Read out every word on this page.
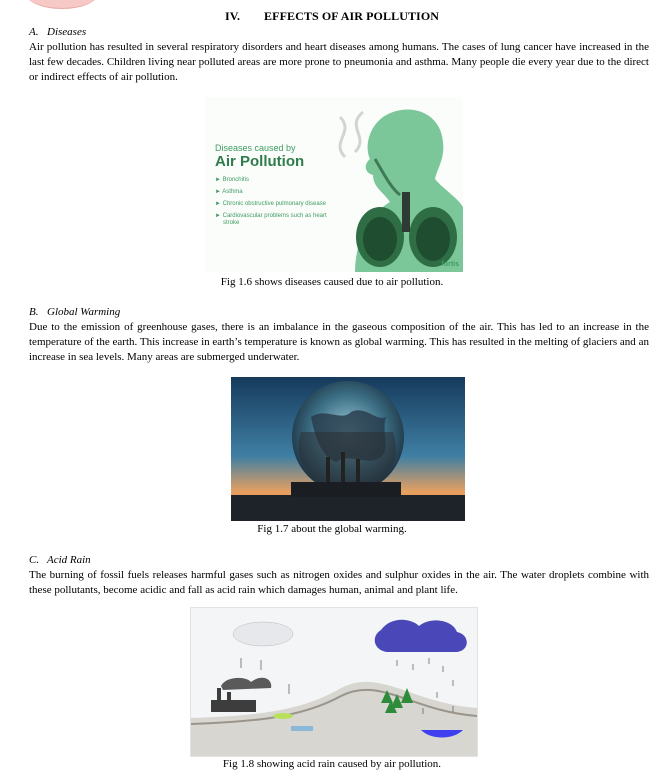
IV. EFFECTS OF AIR POLLUTION
A. Diseases
Air pollution has resulted in several respiratory disorders and heart diseases among humans. The cases of lung cancer have increased in the last few decades. Children living near polluted areas are more prone to pneumonia and asthma. Many people die every year due to the direct or indirect effects of air pollution.
Diseases caused by
Air Pollution
► Bronchitis
► Asthma
► Chronic obstructive pulmonary disease
► Cardiovascular problems such as heart stroke
fortis
Fig 1.6 shows diseases caused due to air pollution.
B. Global Warming
Due to the emission of greenhouse gases, there is an imbalance in the gaseous composition of the air. This has led to an increase in the temperature of the earth. This increase in earth’s temperature is known as global warming. This has resulted in the melting of glaciers and an increase in sea levels. Many areas are submerged underwater.
Fig 1.7 about the global warming.
C. Acid Rain
The burning of fossil fuels releases harmful gases such as nitrogen oxides and sulphur oxides in the air. The water droplets combine with these pollutants, become acidic and fall as acid rain which damages human, animal and plant life.
Fig 1.8 showing acid rain caused by air pollution.
